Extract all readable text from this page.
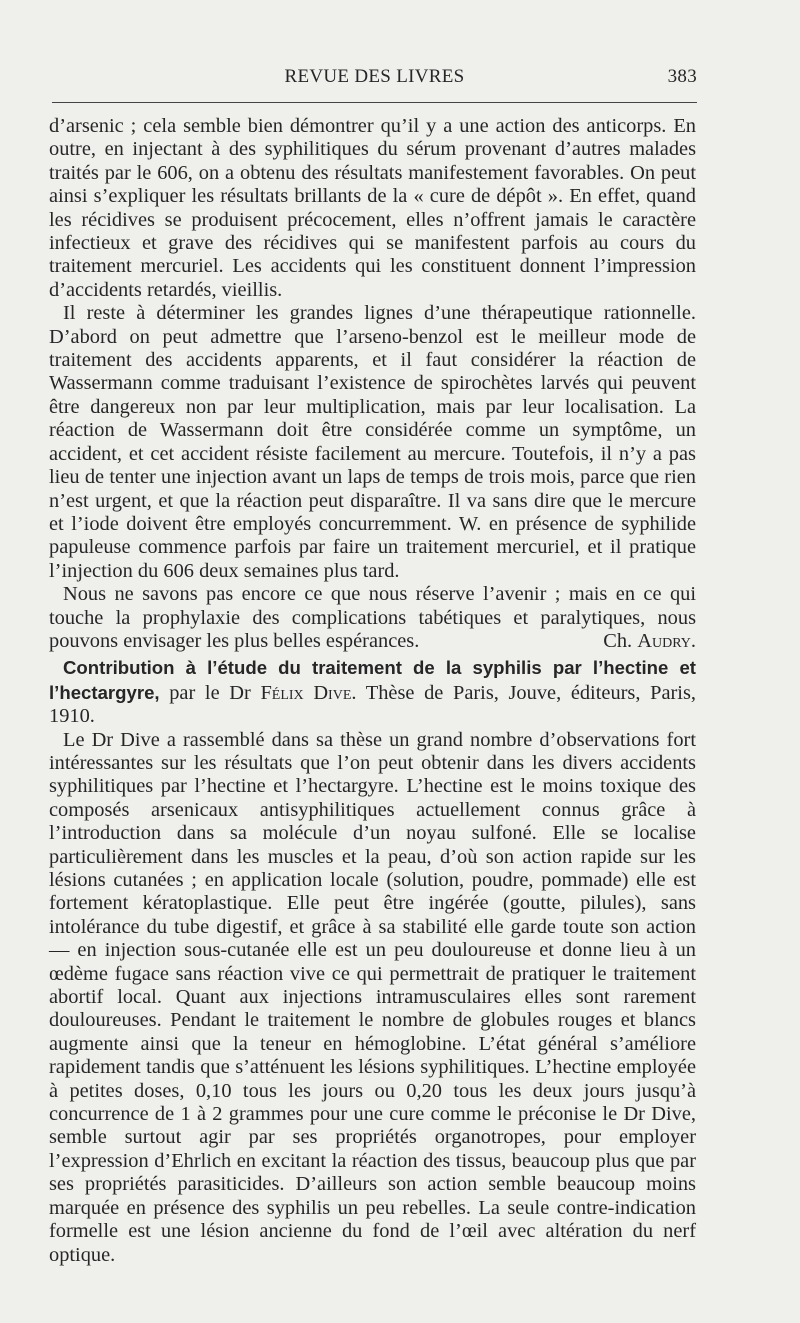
REVUE DES LIVRES	383

d’arsenic ; cela semble bien démontrer qu’il y a une action des anticorps. En outre, en injectant à des syphilitiques du sérum provenant d’autres malades traités par le 606, on a obtenu des résultats manifestement favorables. On peut ainsi s’expliquer les résultats brillants de la « cure de dépôt ». En effet, quand les récidives se produisent précocement, elles n’offrent jamais le caractère infectieux et grave des récidives qui se manifestent parfois au cours du traitement mercuriel. Les accidents qui les constituent donnent l’impression d’accidents retardés, vieillis.

Il reste à déterminer les grandes lignes d’une thérapeutique rationnelle. D’abord on peut admettre que l’arseno-benzol est le meilleur mode de traitement des accidents apparents, et il faut considérer la réaction de Wassermann comme traduisant l’existence de spirochètes larvés qui peuvent être dangereux non par leur multiplication, mais par leur localisation. La réaction de Wassermann doit être considérée comme un symptôme, un accident, et cet accident résiste facilement au mercure. Toutefois, il n’y a pas lieu de tenter une injection avant un laps de temps de trois mois, parce que rien n’est urgent, et que la réaction peut disparaître. Il va sans dire que le mercure et l’iode doivent être employés concurremment. W. en présence de syphilide papuleuse commence parfois par faire un traitement mercuriel, et il pratique l’injection du 606 deux semaines plus tard.

Nous ne savons pas encore ce que nous réserve l’avenir ; mais en ce qui touche la prophylaxie des complications tabétiques et paralytiques, nous pouvons envisager les plus belles espérances.	Ch. Audry.

Contribution à l’étude du traitement de la syphilis par l’hectine et l’hectargyre, par le Dr Félix Dive. Thèse de Paris, Jouve, éditeurs, Paris, 1910.

Le Dr Dive a rassemblé dans sa thèse un grand nombre d’observations fort intéressantes sur les résultats que l’on peut obtenir dans les divers accidents syphilitiques par l’hectine et l’hectargyre. L’hectine est le moins toxique des composés arsenicaux antisyphilitiques actuellement connus grâce à l’introduction dans sa molécule d’un noyau sulfoné. Elle se localise particulièrement dans les muscles et la peau, d’où son action rapide sur les lésions cutanées ; en application locale (solution, poudre, pommade) elle est fortement kératoplastique. Elle peut être ingérée (goutte, pilules), sans intolérance du tube digestif, et grâce à sa stabilité elle garde toute son action — en injection sous-cutanée elle est un peu douloureuse et donne lieu à un œdème fugace sans réaction vive ce qui permettrait de pratiquer le traitement abortif local. Quant aux injections intramusculaires elles sont rarement douloureuses. Pendant le traitement le nombre de globules rouges et blancs augmente ainsi que la teneur en hémoglobine. L’état général s’améliore rapidement tandis que s’atténuent les lésions syphilitiques. L’hectine employée à petites doses, 0,10 tous les jours ou 0,20 tous les deux jours jusqu’à concurrence de 1 à 2 grammes pour une cure comme le préconise le Dr Dive, semble surtout agir par ses propriétés organotropes, pour employer l’expression d’Ehrlich en excitant la réaction des tissus, beaucoup plus que par ses propriétés parasiticides. D’ailleurs son action semble beaucoup moins marquée en présence des syphilis un peu rebelles. La seule contre-indication formelle est une lésion ancienne du fond de l’œil avec altération du nerf optique.
